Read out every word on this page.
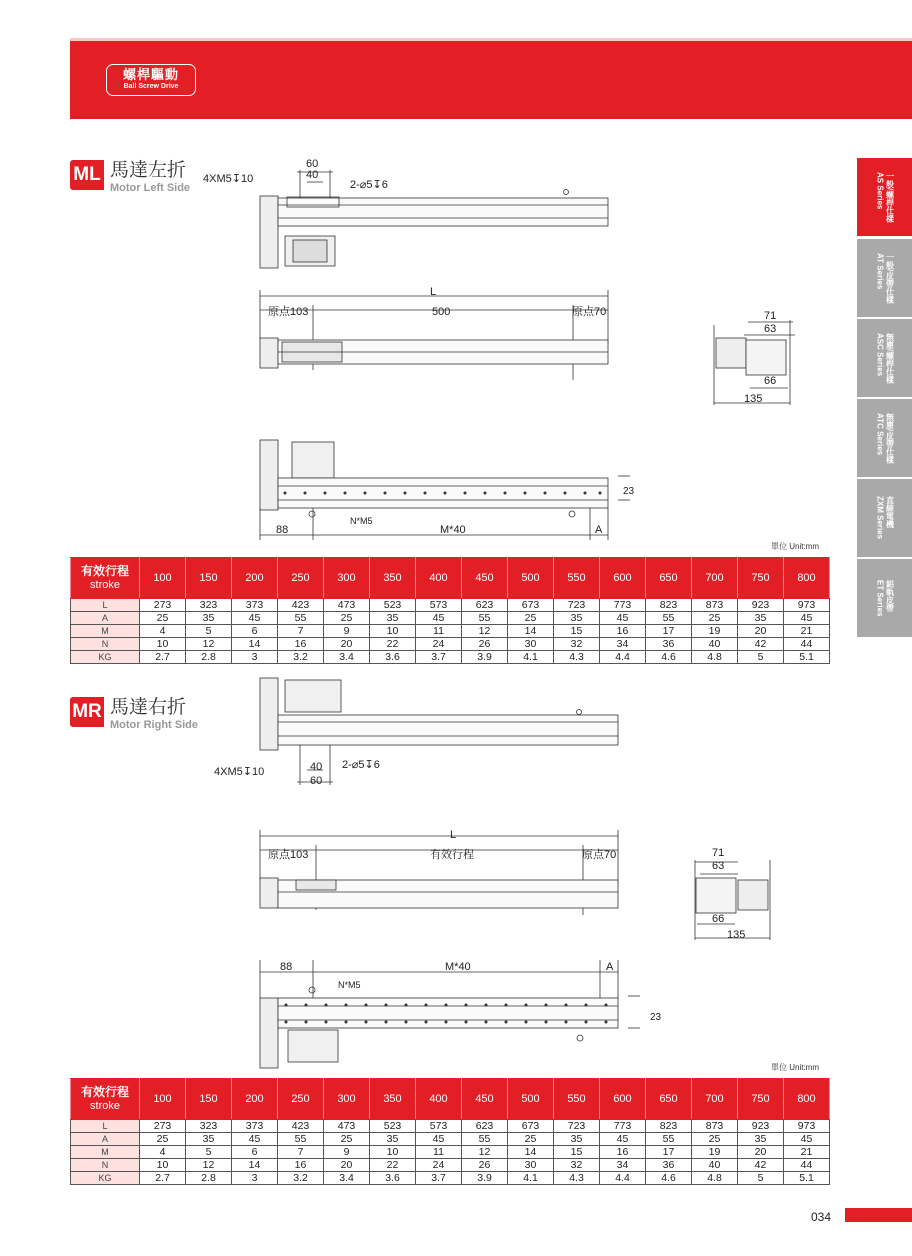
螺桿驅動
Ball Screw Drive
一般/螺桿仕樣
AS Series
一般/皮帶仕樣
AT Series
無塵/螺桿仕樣
ASC Series
無塵/皮帶仕樣
ATC Series
直線電機
ZXM Series
鋁軌皮帶
ET Series
ML 馬達左折
Motor Left Side
60
40
4XM5↧10	2-⌀5↧6
L
原点103	500	原点70	71
63
66
135
23
88
N*M5
M*40	A
單位 Unit:mm
有效行程
stroke	100	150	200	250	300	350	400	450	500	550	600	650	700	750	800
L	273	323	373	423	473	523	573	623	673	723	773	823	873	923	973
A	25	35	45	55	25	35	45	55	25	35	45	55	25	35	45
M	4	5	6	7	9	10	11	12	14	15	16	17	19	20	21
N	10	12	14	16	20	22	24	26	30	32	34	36	40	42	44
KG	2.7	2.8	3	3.2	3.4	3.6	3.7	3.9	4.1	4.3	4.4	4.6	4.8	5	5.1
MR 馬達右折
Motor Right Side
60
40
4XM5↧10
2-⌀5↧6
L
原点103	有效行程	原点70	71
63
66
135
23
88
N*M5
M*40	A
單位 Unit:mm
有效行程
stroke	100	150	200	250	300	350	400	450	500	550	600	650	700	750	800
L	273	323	373	423	473	523	573	623	673	723	773	823	873	923	973
A	25	35	45	55	25	35	45	55	25	35	45	55	25	35	45
M	4	5	6	7	9	10	11	12	14	15	16	17	19	20	21
N	10	12	14	16	20	22	24	26	30	32	34	36	40	42	44
KG	2.7	2.8	3	3.2	3.4	3.6	3.7	3.9	4.1	4.3	4.4	4.6	4.8	5	5.1
034
